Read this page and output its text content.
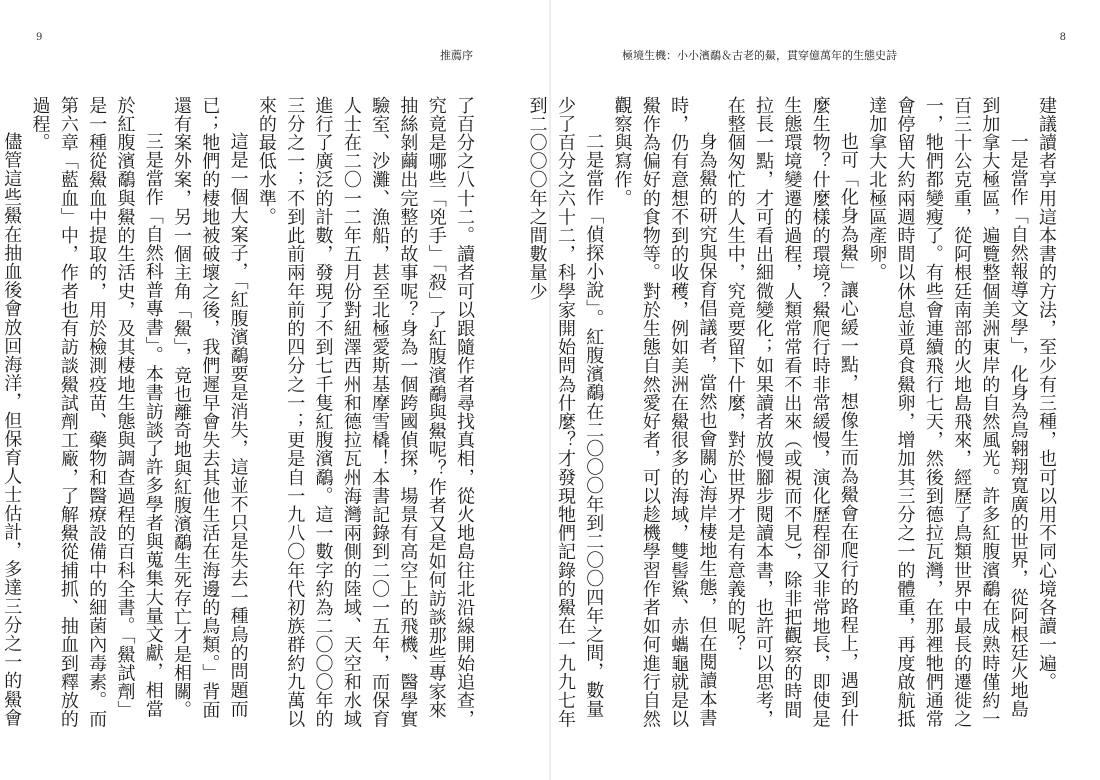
9
推薦序

了百分之八十二。讀者可以跟隨作者尋找真相，從火地島往北沿線開始追查，究竟是哪些「兇手」「殺」了紅腹濱鷸與鱟呢？作者又是如何訪談那些專家來抽絲剝繭出完整的故事呢？身為一個跨國偵探，場景有高空上的飛機、醫學實驗室、沙灘、漁船，甚至北極愛斯基摩雪橇！本書記錄到二〇一五年，而保育人士在二〇一二年五月份對紐澤西州和德拉瓦州海灣兩側的陸域、天空和水域進行了廣泛的計數，發現了不到七千隻紅腹濱鷸。這一數字約為二〇〇〇年的三分之一；不到此前兩年前的四分之一；更是自一九八〇年代初族群約九萬以來的最低水準。

這是一個大案子，「紅腹濱鷸要是消失，這並不只是失去一種鳥的問題而已；牠們的棲地被破壞之後，我們遲早會失去其他生活在海邊的鳥類。」背面還有案外案，另一個主角「鱟」，竟也離奇地與紅腹濱鷸生死存亡才是相關。

三是當作「自然科普專書」。本書訪談了許多學者與蒐集大量文獻，相當於紅腹濱鷸與鱟的生活史，及其棲地生態與調查過程的百科全書。「鱟試劑」是一種從鱟血中提取的，用於檢測疫苗、藥物和醫療設備中的細菌內毒素。而第六章「藍血」中，作者也有訪談鱟試劑工廠，了解鱟從捕抓、抽血到釋放的過程。

儘管這些鱟在抽血後會放回海洋，但保育人士估計，多達三分之一的鱟會

8
極境生機：小小濱鷸＆古老的鱟，貫穿億萬年的生態史詩

建議讀者享用這本書的方法，至少有三種，也可以用不同心境各讀一遍。

一是當作「自然報導文學」，化身為鳥翱翔寬廣的世界，從阿根廷火地島到加拿大極區，遍覽整個美洲東岸的自然風光。許多紅腹濱鷸在成熟時僅約一百三十公克重，從阿根廷南部的火地島飛來，經歷了鳥類世界中最長的遷徙之一，牠們都變瘦了。有些會連續飛行七天，然後到德拉瓦灣，在那裡牠們通常會停留大約兩週時間以休息並覓食鱟卵，增加其三分之一的體重，再度啟航抵達加拿大北極區產卵。

也可「化身為鱟」讓心緩一點，想像生而為鱟會在爬行的路程上，遇到什麼生物？什麼樣的環境？鱟爬行時非常緩慢，演化歷程卻又非常地長，即使是生態環境變遷的過程，人類常常看不出來（或視而不見），除非把觀察的時間拉長一點，才可看出細微變化；如果讀者放慢腳步閱讀本書，也許可以思考，在整個匆忙的人生中，究竟要留下什麼，對於世界才是有意義的呢？

身為鱟的研究與保育倡議者，當然也會關心海岸棲地生態，但在閱讀本書時，仍有意想不到的收穫，例如美洲在鱟很多的海域，雙髻鯊、赤蠵龜就是以鱟作為偏好的食物等。對於生態自然愛好者，可以趁機學習作者如何進行自然觀察與寫作。

二是當作「偵探小說」。紅腹濱鷸在二〇〇〇年到二〇〇四年之間，數量少了百分之六十二，科學家開始問為什麼？才發現牠們記錄的鱟在一九九七年到二〇〇〇年之間數量少
